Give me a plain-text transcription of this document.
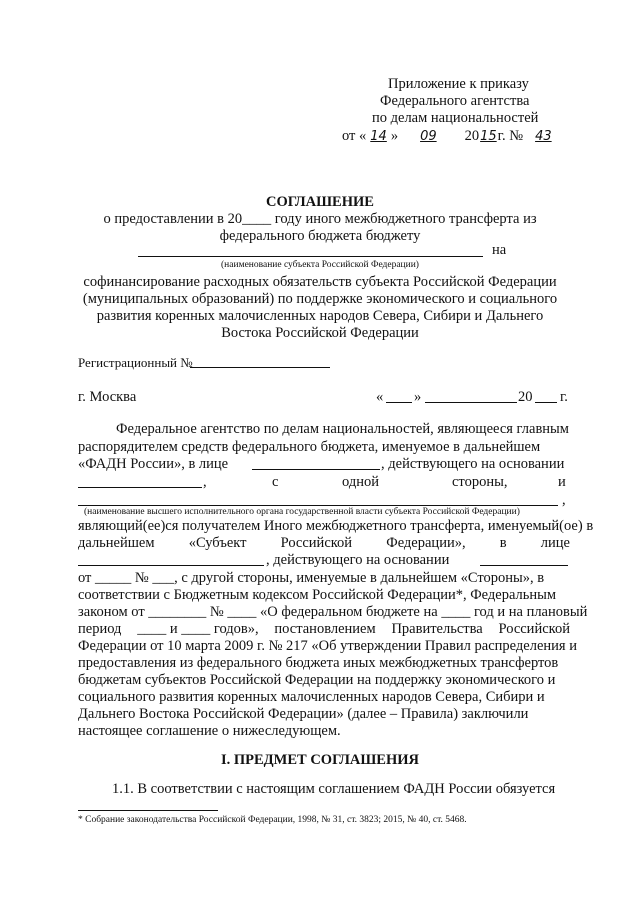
Приложение к приказу
Федерального агентства
по делам национальностей
от « 14 » 09 2015г. № 43
СОГЛАШЕНИЕ
о предоставлении в 20____ году иного межбюджетного трансферта из
федерального бюджета бюджету
на
(наименование субъекта Российской Федерации)
софинансирование расходных обязательств субъекта Российской Федерации
(муниципальных образований) по поддержке экономического и социального
развития коренных малочисленных народов Севера, Сибири и Дальнего
Востока Российской Федерации
Регистрационный №
г. Москва	« »	20 г.
Федеральное агентство по делам национальностей, являющееся главным
распорядителем средств федерального бюджета, именуемое в дальнейшем
«ФАДН России», в лице	, действующего на основании
,	с	одной	стороны,	и
,
(наименование высшего исполнительного органа государственной власти субъекта Российской Федерации)
являющий(ее)ся получателем Иного межбюджетного трансферта, именуемый(ое) в
дальнейшем «Субъект Российской Федерации», в лице
, действующего на основании
от _____ № ___, с другой стороны, именуемые в дальнейшем «Стороны», в
соответствии с Бюджетным кодексом Российской Федерации*, Федеральным
законом от ________ № ____ «О федеральном бюджете на ____ год и на плановый
период ____ и ____ годов», постановлением Правительства Российской
Федерации от 10 марта 2009 г. № 217 «Об утверждении Правил распределения и
предоставления из федерального бюджета иных межбюджетных трансфертов
бюджетам субъектов Российской Федерации на поддержку экономического и
социального развития коренных малочисленных народов Севера, Сибири и
Дальнего Востока Российской Федерации» (далее – Правила) заключили
настоящее соглашение о нижеследующем.
I. ПРЕДМЕТ СОГЛАШЕНИЯ
1.1. В соответствии с настоящим соглашением ФАДН России обязуется
* Собрание законодательства Российской Федерации, 1998, № 31, ст. 3823; 2015, № 40, ст. 5468.
